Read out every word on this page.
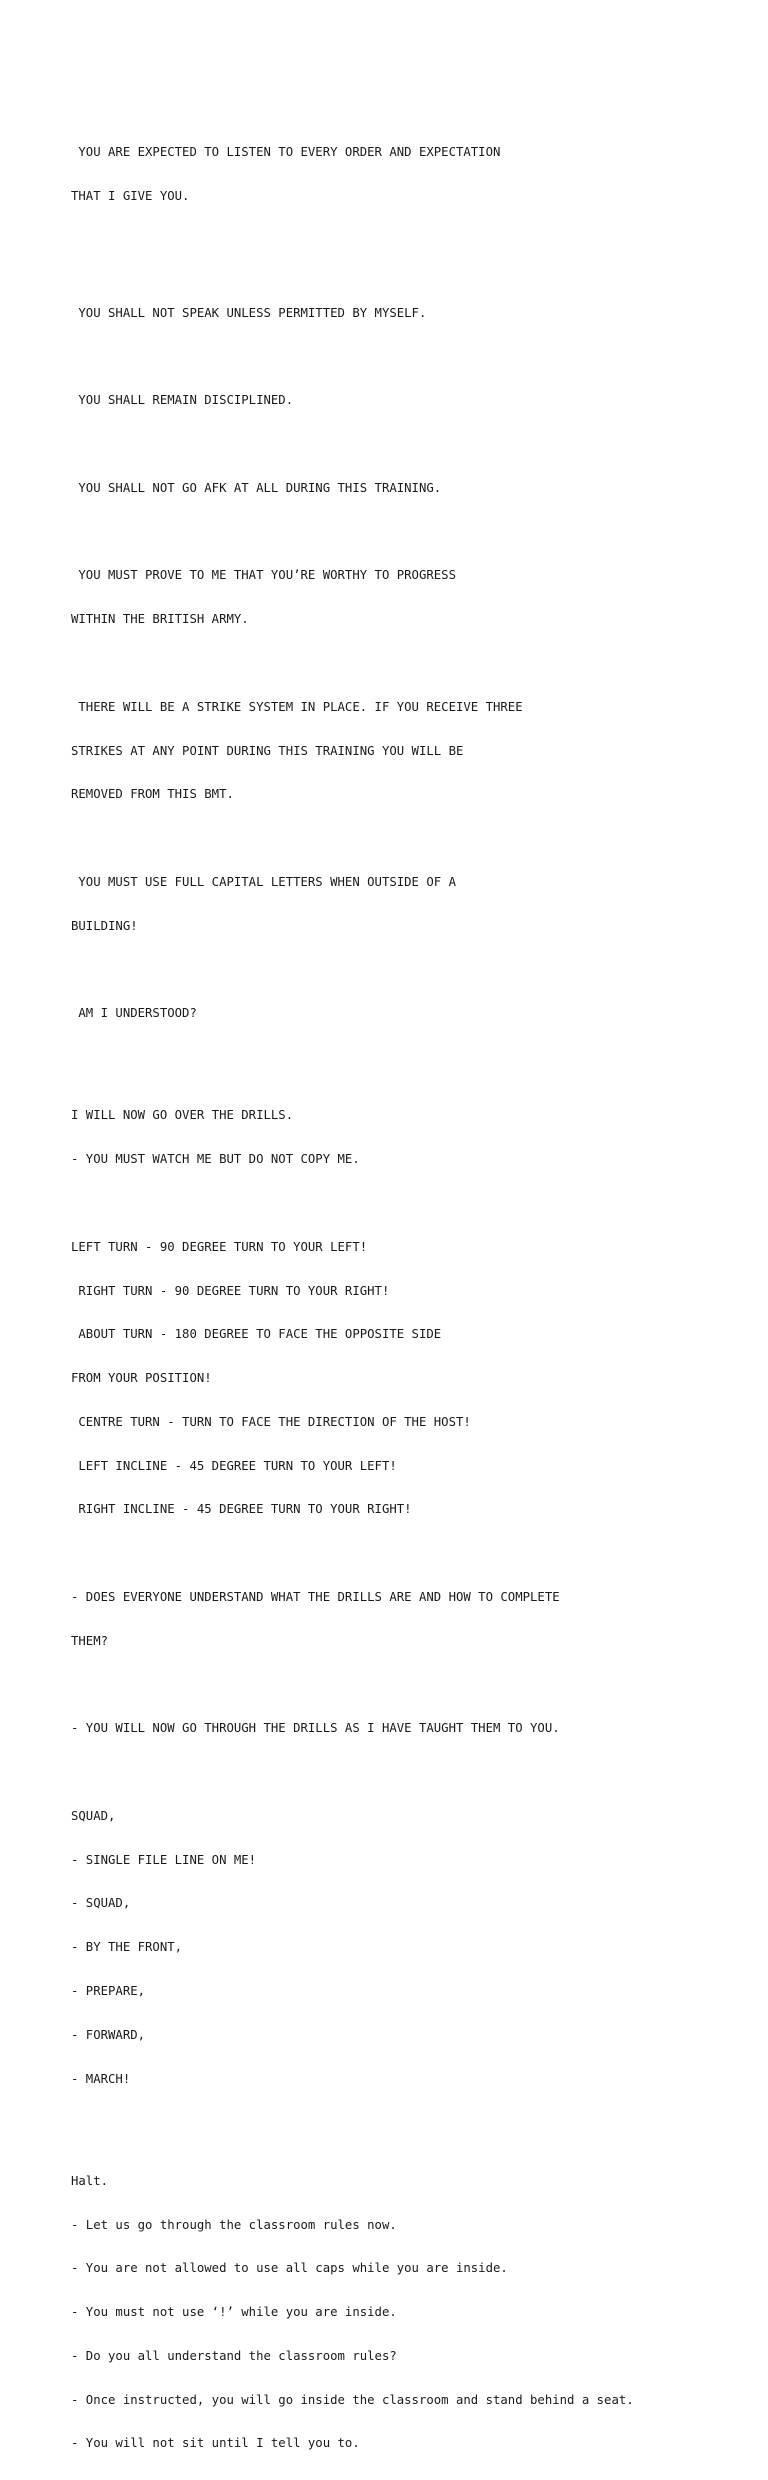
YOU ARE EXPECTED TO LISTEN TO EVERY ORDER AND EXPECTATION

THAT I GIVE YOU.

YOU SHALL NOT SPEAK UNLESS PERMITTED BY MYSELF.

YOU SHALL REMAIN DISCIPLINED.

YOU SHALL NOT GO AFK AT ALL DURING THIS TRAINING.

YOU MUST PROVE TO ME THAT YOU’RE WORTHY TO PROGRESS

WITHIN THE BRITISH ARMY.

THERE WILL BE A STRIKE SYSTEM IN PLACE. IF YOU RECEIVE THREE

STRIKES AT ANY POINT DURING THIS TRAINING YOU WILL BE

REMOVED FROM THIS BMT.

YOU MUST USE FULL CAPITAL LETTERS WHEN OUTSIDE OF A

BUILDING!

AM I UNDERSTOOD?

I WILL NOW GO OVER THE DRILLS.

- YOU MUST WATCH ME BUT DO NOT COPY ME.

LEFT TURN - 90 DEGREE TURN TO YOUR LEFT!

RIGHT TURN - 90 DEGREE TURN TO YOUR RIGHT!

ABOUT TURN - 180 DEGREE TO FACE THE OPPOSITE SIDE

FROM YOUR POSITION!

CENTRE TURN - TURN TO FACE THE DIRECTION OF THE HOST!

LEFT INCLINE - 45 DEGREE TURN TO YOUR LEFT!

RIGHT INCLINE - 45 DEGREE TURN TO YOUR RIGHT!

- DOES EVERYONE UNDERSTAND WHAT THE DRILLS ARE AND HOW TO COMPLETE

THEM?

- YOU WILL NOW GO THROUGH THE DRILLS AS I HAVE TAUGHT THEM TO YOU.

SQUAD,

- SINGLE FILE LINE ON ME!

- SQUAD,

- BY THE FRONT,

- PREPARE,

- FORWARD,

- MARCH!

Halt.

- Let us go through the classroom rules now.

- You are not allowed to use all caps while you are inside.

- You must not use ‘!’ while you are inside.

- Do you all understand the classroom rules?

- Once instructed, you will go inside the classroom and stand behind a seat.

- You will not sit until I tell you to.
